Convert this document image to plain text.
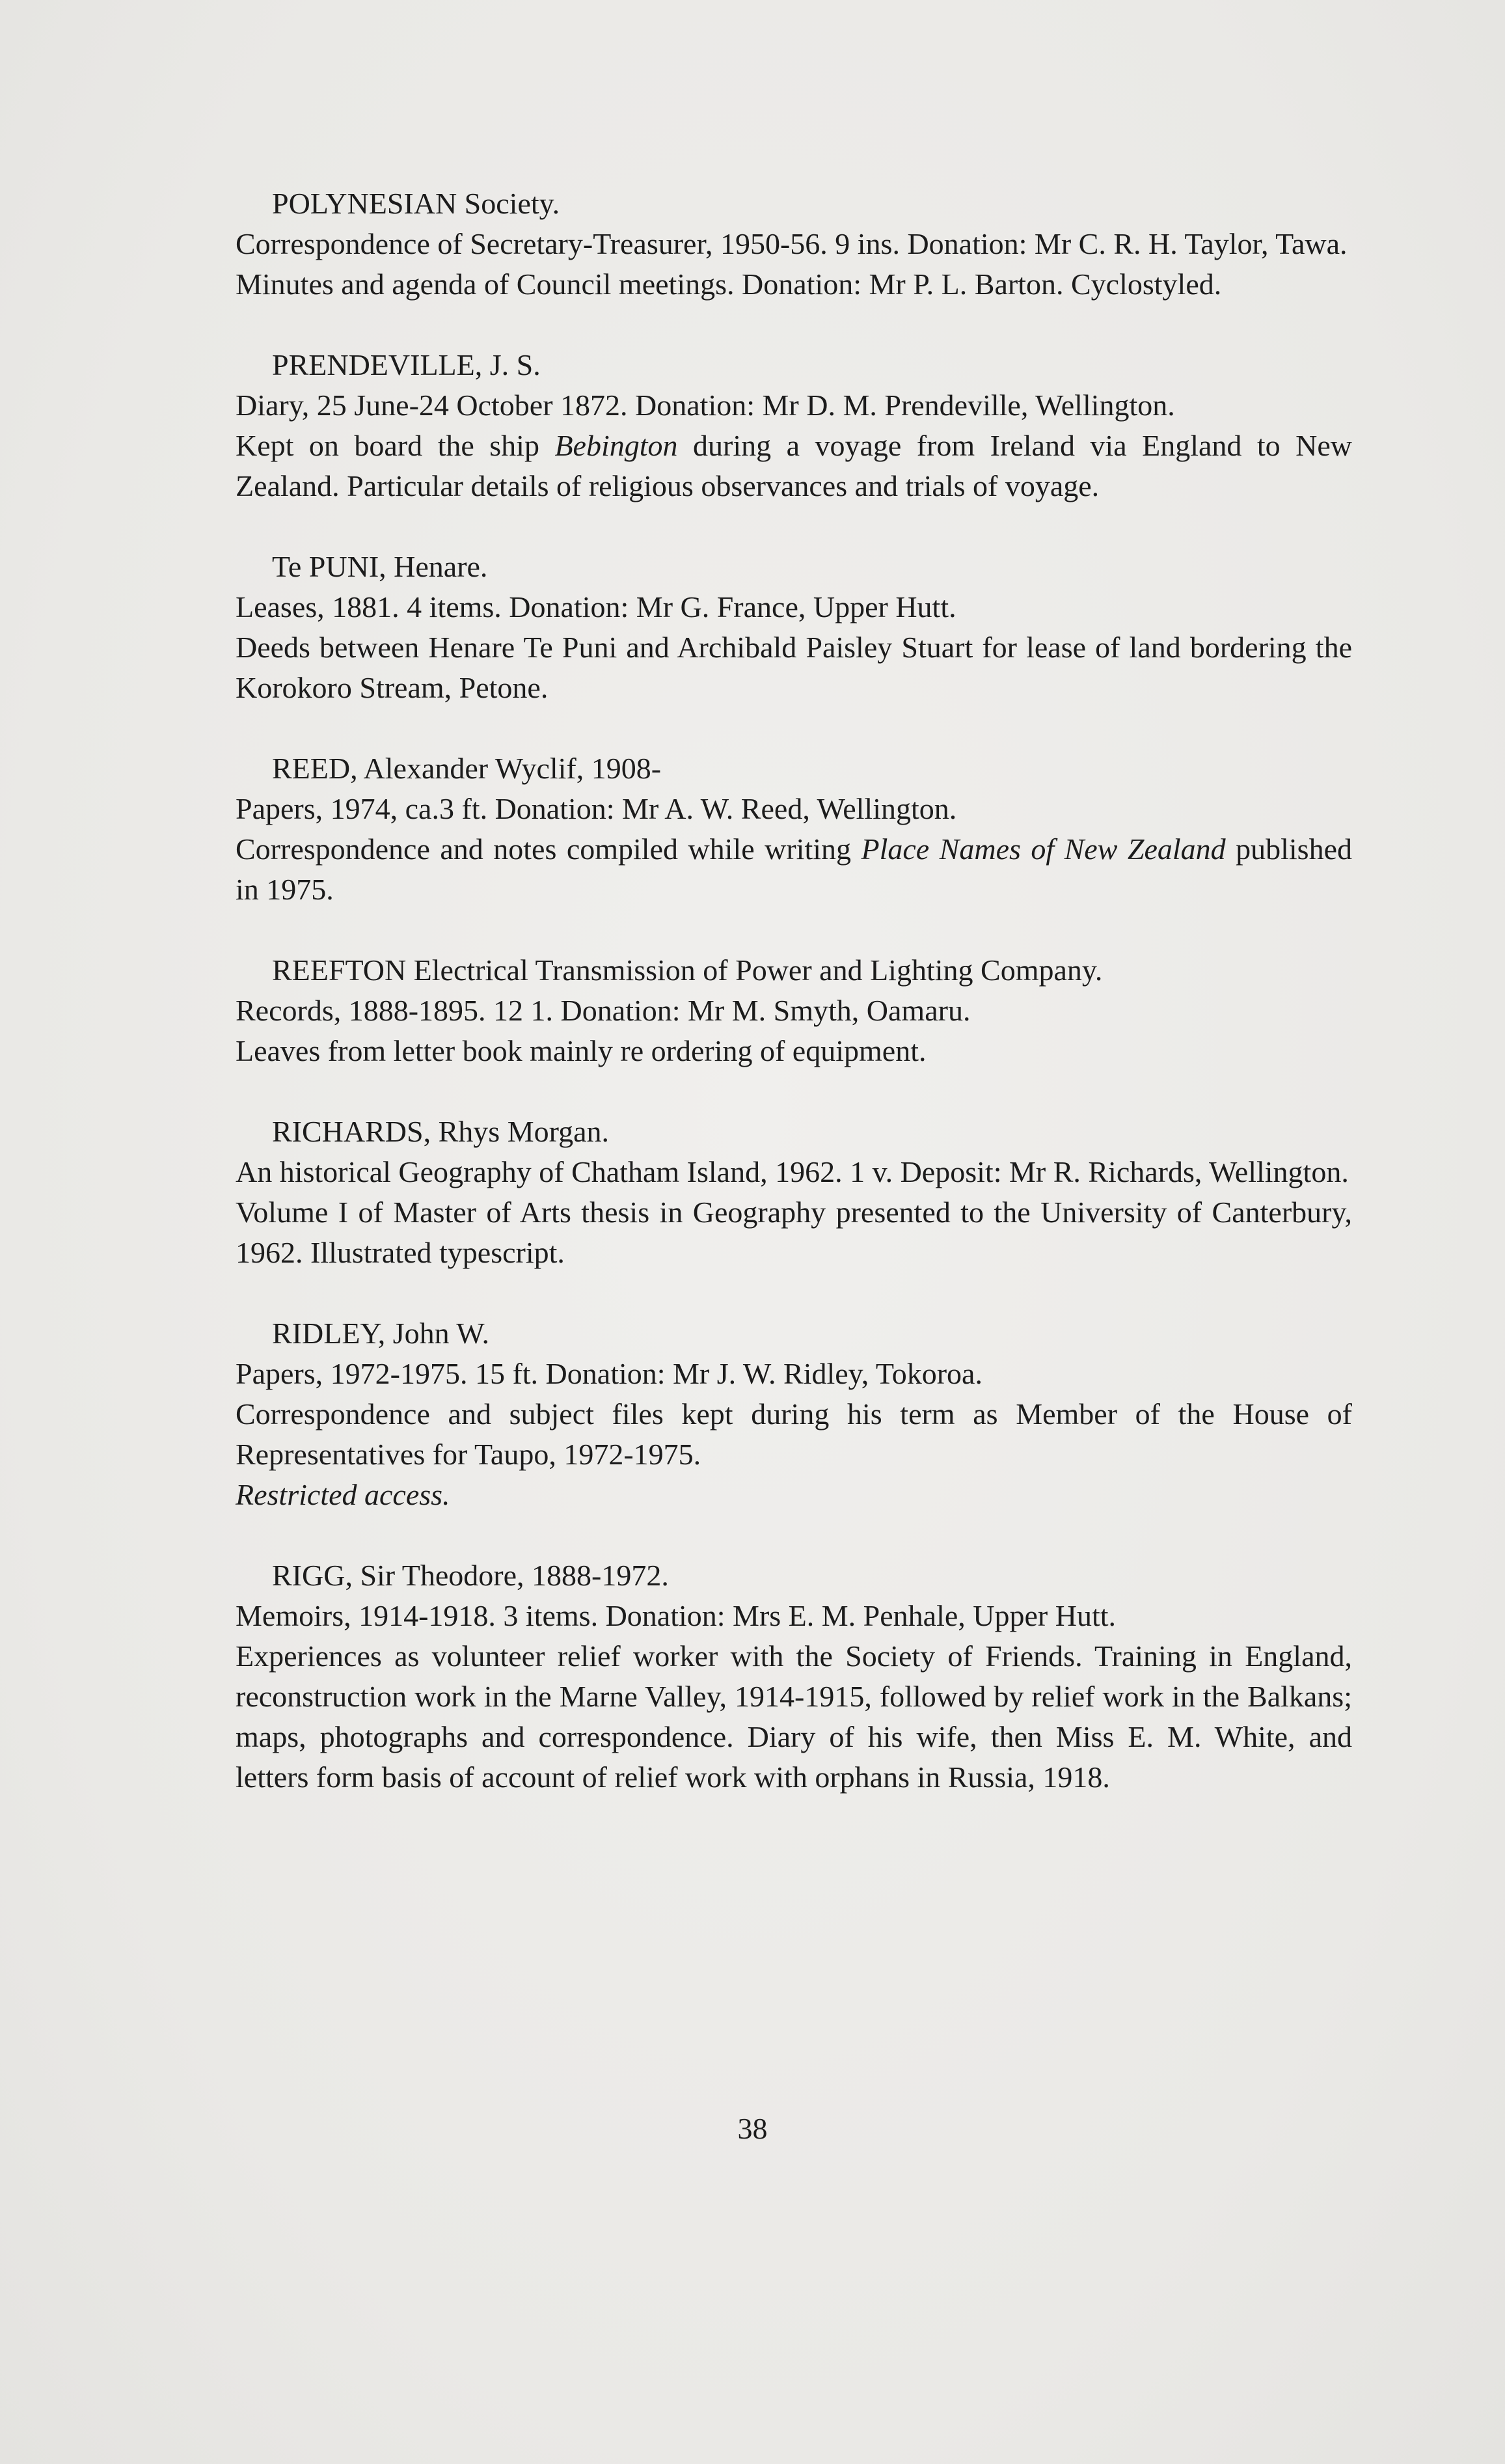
POLYNESIAN Society.

Correspondence of Secretary-Treasurer, 1950-56. 9 ins. Donation: Mr C. R. H. Taylor, Tawa.

Minutes and agenda of Council meetings. Donation: Mr P. L. Barton. Cyclostyled.

PRENDEVILLE, J. S.

Diary, 25 June-24 October 1872. Donation: Mr D. M. Prendeville, Wellington.

Kept on board the ship Bebington during a voyage from Ireland via England to New Zealand. Particular details of religious observances and trials of voyage.

Te PUNI, Henare.

Leases, 1881. 4 items. Donation: Mr G. France, Upper Hutt.

Deeds between Henare Te Puni and Archibald Paisley Stuart for lease of land bordering the Korokoro Stream, Petone.

REED, Alexander Wyclif, 1908-

Papers, 1974, ca.3 ft. Donation: Mr A. W. Reed, Wellington.

Correspondence and notes compiled while writing Place Names of New Zealand published in 1975.

REEFTON Electrical Transmission of Power and Lighting Company.

Records, 1888-1895. 12 1. Donation: Mr M. Smyth, Oamaru.

Leaves from letter book mainly re ordering of equipment.

RICHARDS, Rhys Morgan.

An historical Geography of Chatham Island, 1962. 1 v. Deposit: Mr R. Richards, Wellington.

Volume I of Master of Arts thesis in Geography presented to the University of Canterbury, 1962. Illustrated typescript.

RIDLEY, John W.

Papers, 1972-1975. 15 ft. Donation: Mr J. W. Ridley, Tokoroa.

Correspondence and subject files kept during his term as Member of the House of Representatives for Taupo, 1972-1975.

Restricted access.

RIGG, Sir Theodore, 1888-1972.

Memoirs, 1914-1918. 3 items. Donation: Mrs E. M. Penhale, Upper Hutt.

Experiences as volunteer relief worker with the Society of Friends. Training in England, reconstruction work in the Marne Valley, 1914-1915, followed by relief work in the Balkans; maps, photographs and correspondence. Diary of his wife, then Miss E. M. White, and letters form basis of account of relief work with orphans in Russia, 1918.

38
